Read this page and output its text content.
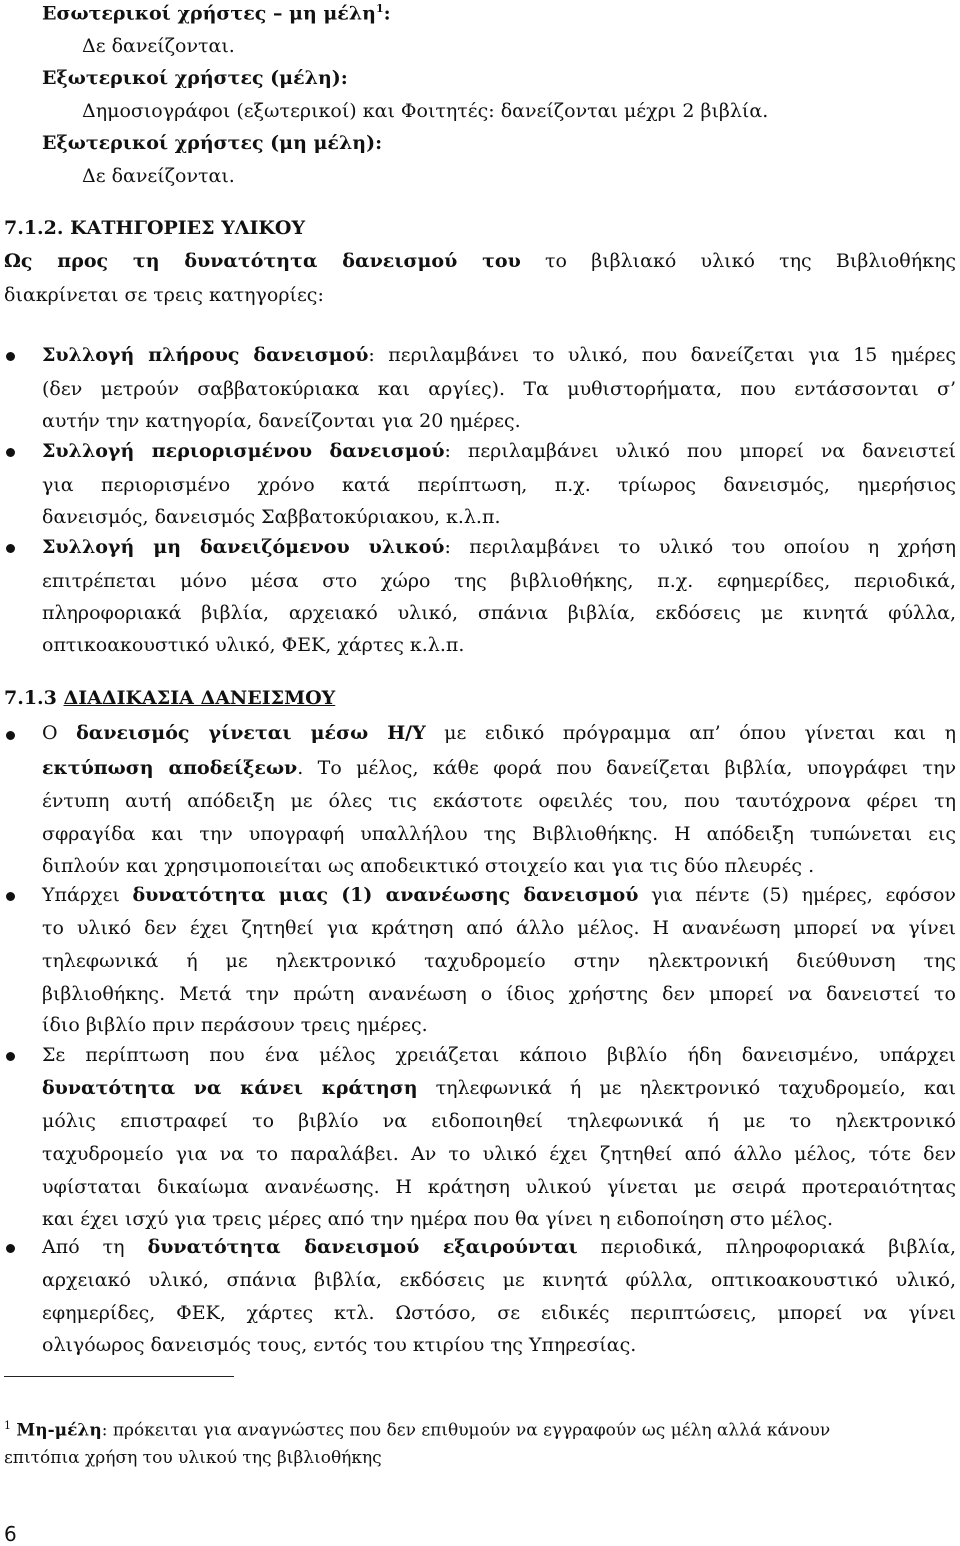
Εσωτερικοί χρήστες – μη μέλη$^1$:
Δε δανείζονται.
Εξωτερικοί χρήστες (μέλη):
Δημοσιογράφοι (εξωτερικοί) και Φοιτητές: δανείζονται μέχρι 2 βιβλία.
Εξωτερικοί χρήστες (μη μέλη):
Δε δανείζονται.
7.1.2. ΚΑΤΗΓΟΡΙΕΣ ΥΛΙΚΟΥ
Ως προς τη δυνατότητα δανεισμού του το βιβλιακό υλικό της Βιβλιοθήκης
διακρίνεται σε τρεις κατηγορίες:
Συλλογή πλήρους δανεισμού: περιλαμβάνει το υλικό, που δανείζεται για 15 ημέρες
(δεν μετρούν σαββατοκύριακα και αργίες). Τα μυθιστορήματα, που εντάσσονται σ’
αυτήν την κατηγορία, δανείζονται για 20 ημέρες.
Συλλογή περιορισμένου δανεισμού: περιλαμβάνει υλικό που μπορεί να δανειστεί
για περιορισμένο χρόνο κατά περίπτωση, π.χ. τρίωρος δανεισμός, ημερήσιος
δανεισμός, δανεισμός Σαββατοκύριακου, κ.λ.π.
Συλλογή μη δανειζόμενου υλικού: περιλαμβάνει το υλικό του οποίου η χρήση
επιτρέπεται μόνο μέσα στο χώρο της βιβλιοθήκης, π.χ. εφημερίδες, περιοδικά,
πληροφοριακά βιβλία, αρχειακό υλικό, σπάνια βιβλία, εκδόσεις με κινητά φύλλα,
οπτικοακουστικό υλικό, ΦΕΚ, χάρτες κ.λ.π.
7.1.3 ΔΙΑΔΙΚΑΣΙΑ ΔΑΝΕΙΣΜΟΥ
Ο δανεισμός γίνεται μέσω Η/Υ με ειδικό πρόγραμμα απ’ όπου γίνεται και η
εκτύπωση αποδείξεων. Το μέλος, κάθε φορά που δανείζεται βιβλία, υπογράφει την
έντυπη αυτή απόδειξη με όλες τις εκάστοτε οφειλές του, που ταυτόχρονα φέρει τη
σφραγίδα και την υπογραφή υπαλλήλου της Βιβλιοθήκης. Η απόδειξη τυπώνεται εις
διπλούν και χρησιμοποιείται ως αποδεικτικό στοιχείο και για τις δύο πλευρές .
Υπάρχει δυνατότητα μιας (1) ανανέωσης δανεισμού για πέντε (5) ημέρες, εφόσον
το υλικό δεν έχει ζητηθεί για κράτηση από άλλο μέλος. Η ανανέωση μπορεί να γίνει
τηλεφωνικά ή με ηλεκτρονικό ταχυδρομείο στην ηλεκτρονική διεύθυνση της
βιβλιοθήκης. Μετά την πρώτη ανανέωση ο ίδιος χρήστης δεν μπορεί να δανειστεί το
ίδιο βιβλίο πριν περάσουν τρεις ημέρες.
Σε περίπτωση που ένα μέλος χρειάζεται κάποιο βιβλίο ήδη δανεισμένο, υπάρχει
δυνατότητα να κάνει κράτηση τηλεφωνικά ή με ηλεκτρονικό ταχυδρομείο, και
μόλις επιστραφεί το βιβλίο να ειδοποιηθεί τηλεφωνικά ή με το ηλεκτρονικό
ταχυδρομείο για να το παραλάβει. Αν το υλικό έχει ζητηθεί από άλλο μέλος, τότε δεν
υφίσταται δικαίωμα ανανέωσης. Η κράτηση υλικού γίνεται με σειρά προτεραιότητας
και έχει ισχύ για τρεις μέρες από την ημέρα που θα γίνει η ειδοποίηση στο μέλος.
Από τη δυνατότητα δανεισμού εξαιρούνται περιοδικά, πληροφοριακά βιβλία,
αρχειακό υλικό, σπάνια βιβλία, εκδόσεις με κινητά φύλλα, οπτικοακουστικό υλικό,
εφημερίδες, ΦΕΚ, χάρτες κτλ. Ωστόσο, σε ειδικές περιπτώσεις, μπορεί να γίνει
ολιγόωρος δανεισμός τους, εντός του κτιρίου της Υπηρεσίας.
$^1$ Μη-μέλη: πρόκειται για αναγνώστες που δεν επιθυμούν να εγγραφούν ως μέλη αλλά κάνουν
επιτόπια χρήση του υλικού της βιβλιοθήκης
6
